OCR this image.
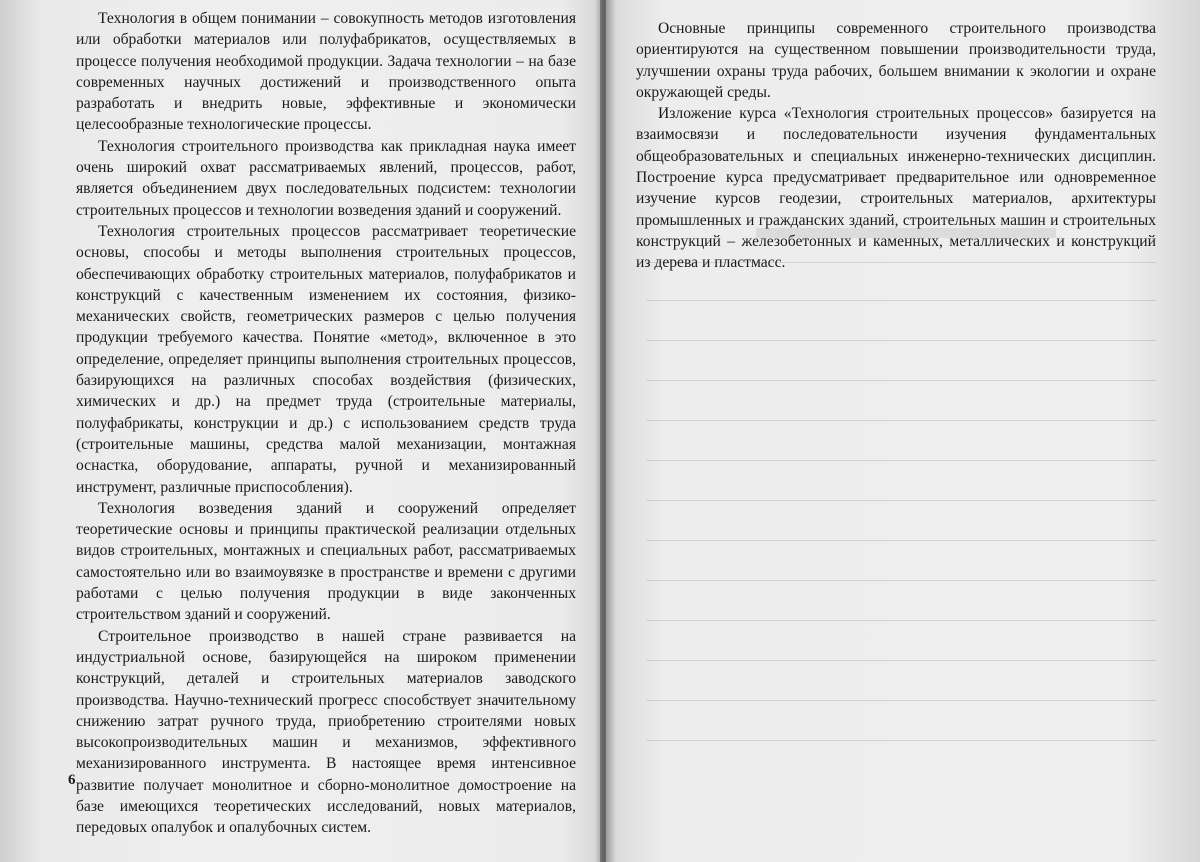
Технология в общем понимании – совокупность методов изготовления или обработки материалов или полуфабрикатов, осуществляемых в процессе получения необходимой продукции. Задача технологии – на базе современных научных достижений и производственного опыта разработать и внедрить новые, эффективные и экономически целесообразные технологические процессы.

Технология строительного производства как прикладная наука имеет очень широкий охват рассматриваемых явлений, процессов, работ, является объединением двух последовательных подсистем: технологии строительных процессов и технологии возведения зданий и сооружений.

Технология строительных процессов рассматривает теоретические основы, способы и методы выполнения строительных процессов, обеспечивающих обработку строительных материалов, полуфабрикатов и конструкций с качественным изменением их состояния, физико-механических свойств, геометрических размеров с целью получения продукции требуемого качества. Понятие «метод», включенное в это определение, определяет принципы выполнения строительных процессов, базирующихся на различных способах воздействия (физических, химических и др.) на предмет труда (строительные материалы, полуфабрикаты, конструкции и др.) с использованием средств труда (строительные машины, средства малой механизации, монтажная оснастка, оборудование, аппараты, ручной и механизированный инструмент, различные приспособления).

Технология возведения зданий и сооружений определяет теоретические основы и принципы практической реализации отдельных видов строительных, монтажных и специальных работ, рассматриваемых самостоятельно или во взаимоувязке в пространстве и времени с другими работами с целью получения продукции в виде законченных строительством зданий и сооружений.

Строительное производство в нашей стране развивается на индустриальной основе, базирующейся на широком применении конструкций, деталей и строительных материалов заводского производства. Научно-технический прогресс способствует значительному снижению затрат ручного труда, приобретению строителями новых высокопроизводительных машин и механизмов, эффективного механизированного инструмента. В настоящее время интенсивное развитие получает монолитное и сборно-монолитное домостроение на базе имеющихся теоретических исследований, новых материалов, передовых опалубок и опалубочных систем.

6

Основные принципы современного строительного производства ориентируются на существенном повышении производительности труда, улучшении охраны труда рабочих, большем внимании к экологии и охране окружающей среды.

Изложение курса «Технология строительных процессов» базируется на взаимосвязи и последовательности изучения фундаментальных общеобразовательных и специальных инженерно-технических дисциплин. Построение курса предусматривает предварительное или одновременное изучение курсов геодезии, строительных материалов, архитектуры промышленных и гражданских зданий, строительных машин и строительных конструкций – железобетонных и каменных, металлических и конструкций из дерева и пластмасс.
